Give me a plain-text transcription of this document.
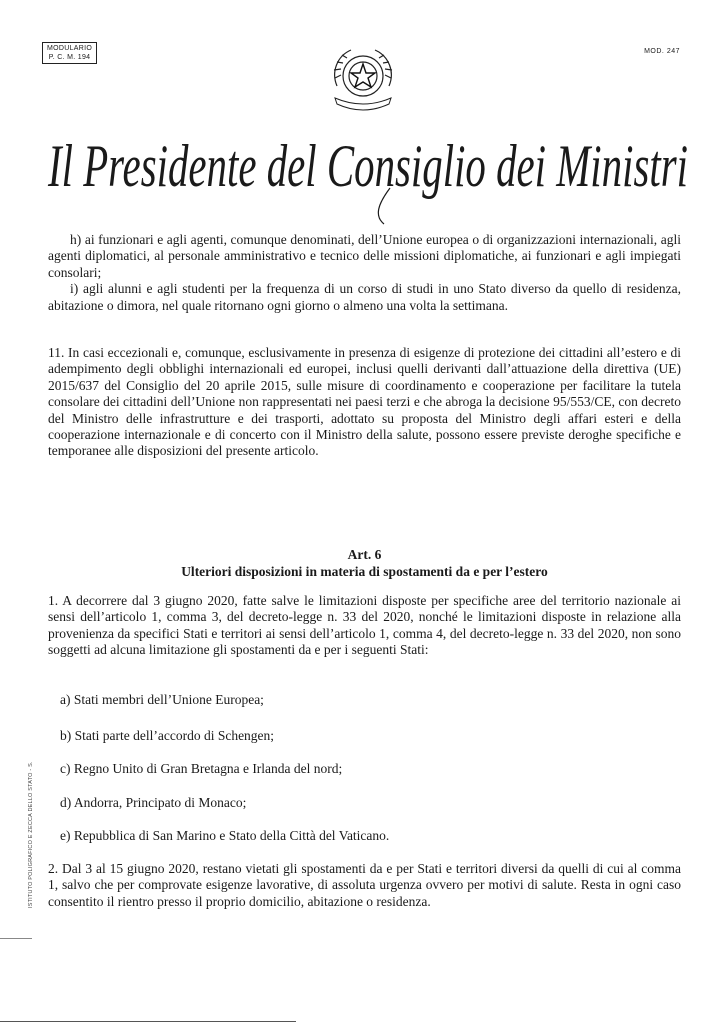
MODULARIO
P. C. M. 194
MOD. 247
Il Presidente del Consiglio dei Ministri

h) ai funzionari e agli agenti, comunque denominati, dell’Unione europea o di organizzazioni internazionali, agli agenti diplomatici, al personale amministrativo e tecnico delle missioni diplomatiche, ai funzionari e agli impiegati consolari;

i) agli alunni e agli studenti per la frequenza di un corso di studi in uno Stato diverso da quello di residenza, abitazione o dimora, nel quale ritornano ogni giorno o almeno una volta la settimana.

11. In casi eccezionali e, comunque, esclusivamente in presenza di esigenze di protezione dei cittadini all’estero e di adempimento degli obblighi internazionali ed europei, inclusi quelli derivanti dall’attuazione della direttiva (UE) 2015/637 del Consiglio del 20 aprile 2015, sulle misure di coordinamento e cooperazione per facilitare la tutela consolare dei cittadini dell’Unione non rappresentati nei paesi terzi e che abroga la decisione 95/553/CE, con decreto del Ministro delle infrastrutture e dei trasporti, adottato su proposta del Ministro degli affari esteri e della cooperazione internazionale e di concerto con il Ministro della salute, possono essere previste deroghe specifiche e temporanee alle disposizioni del presente articolo.

Art. 6
Ulteriori disposizioni in materia di spostamenti da e per l’estero

1. A decorrere dal 3 giugno 2020, fatte salve le limitazioni disposte per specifiche aree del territorio nazionale ai sensi dell’articolo 1, comma 3, del decreto-legge n. 33 del 2020, nonché le limitazioni disposte in relazione alla provenienza da specifici Stati e territori ai sensi dell’articolo 1, comma 4, del decreto-legge n. 33 del 2020, non sono soggetti ad alcuna limitazione gli spostamenti da e per i seguenti Stati:

a) Stati membri dell’Unione Europea;
b) Stati parte dell’accordo di Schengen;
c) Regno Unito di Gran Bretagna e Irlanda del nord;
d) Andorra, Principato di Monaco;
e) Repubblica di San Marino e Stato della Città del Vaticano.

2. Dal 3 al 15 giugno 2020, restano vietati gli spostamenti da e per Stati e territori diversi da quelli di cui al comma 1, salvo che per comprovate esigenze lavorative, di assoluta urgenza ovvero per motivi di salute. Resta in ogni caso consentito il rientro presso il proprio domicilio, abitazione o residenza.

ISTITUTO POLIGRAFICO E ZECCA DELLO STATO - S.
